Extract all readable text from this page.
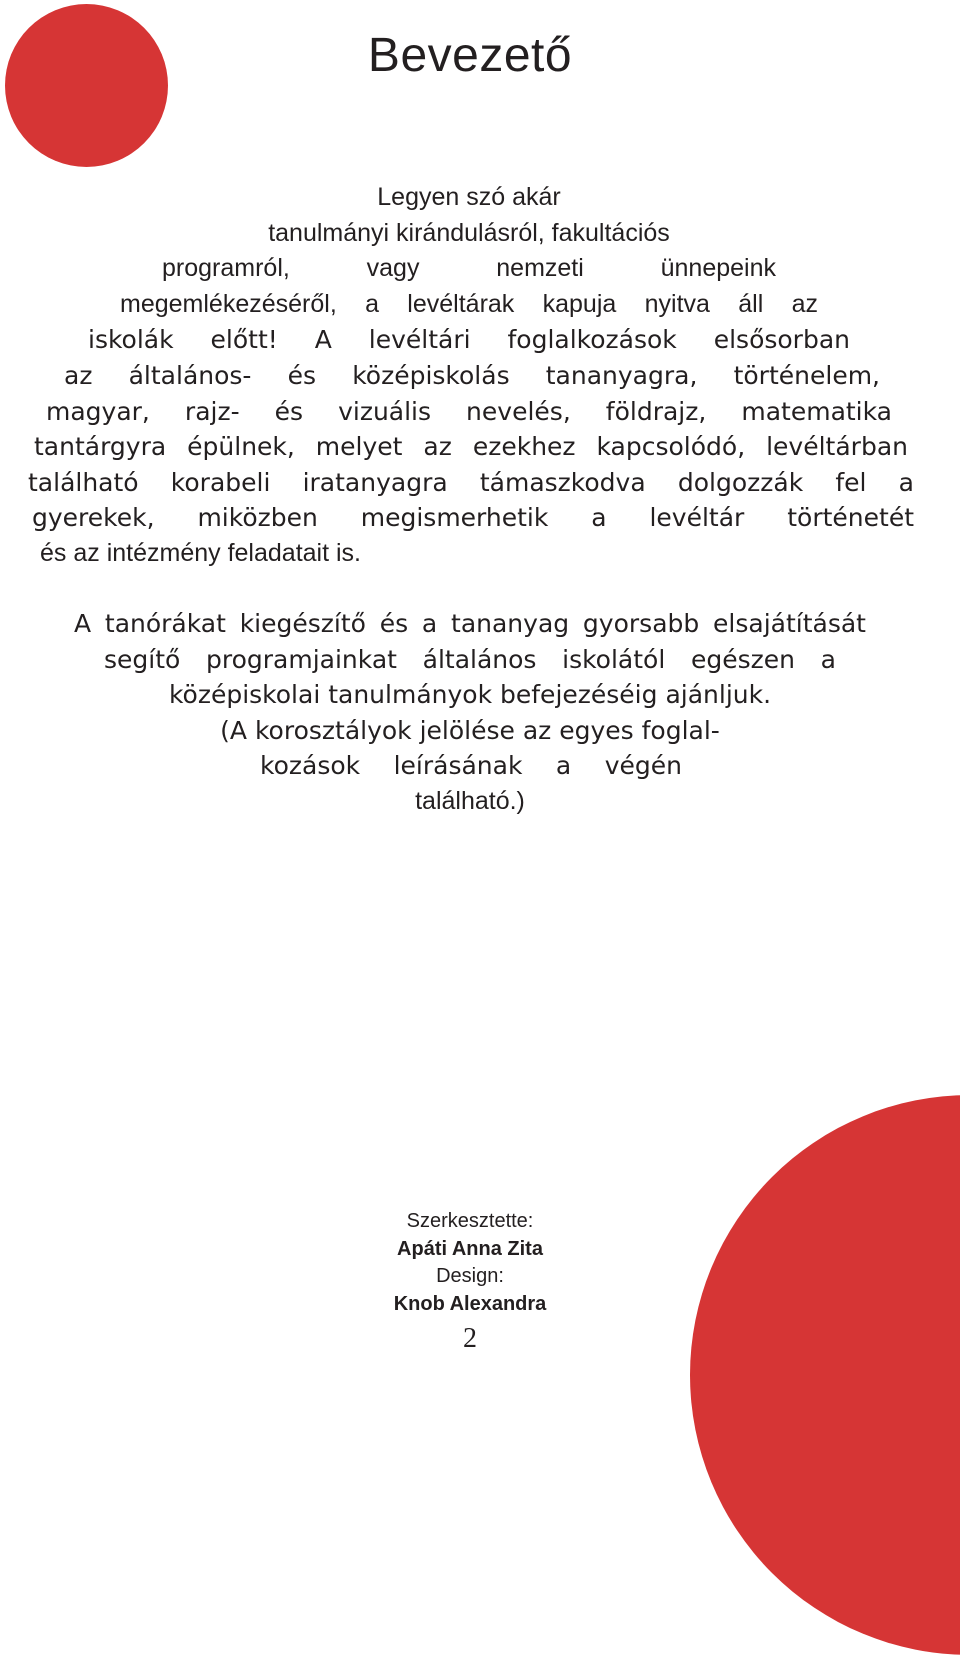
Bevezető
Legyen szó akár
tanulmányi kirándulásról, fakultációs
programról, vagy nemzeti ünnepeink
megemlékezéséről, a levéltárak kapuja nyitva áll az
iskolák előtt! A levéltári foglalkozások elsősorban
az általános- és középiskolás tananyagra, történelem,
magyar, rajz- és vizuális nevelés, földrajz, matematika
tantárgyra épülnek, melyet az ezekhez kapcsolódó, levéltárban
található korabeli iratanyagra támaszkodva dolgozzák fel a
gyerekek, miközben megismerhetik a levéltár történetét
és az intézmény feladatait is.
A tanórákat kiegészítő és a tananyag gyorsabb elsajátítását
segítő programjainkat általános iskolától egészen a
középiskolai tanulmányok befejezéséig ajánljuk.
(A korosztályok jelölése az egyes foglal-
kozások leírásának a végén
található.)
Szerkesztette:
Apáti Anna Zita
Design:
Knob Alexandra
2
